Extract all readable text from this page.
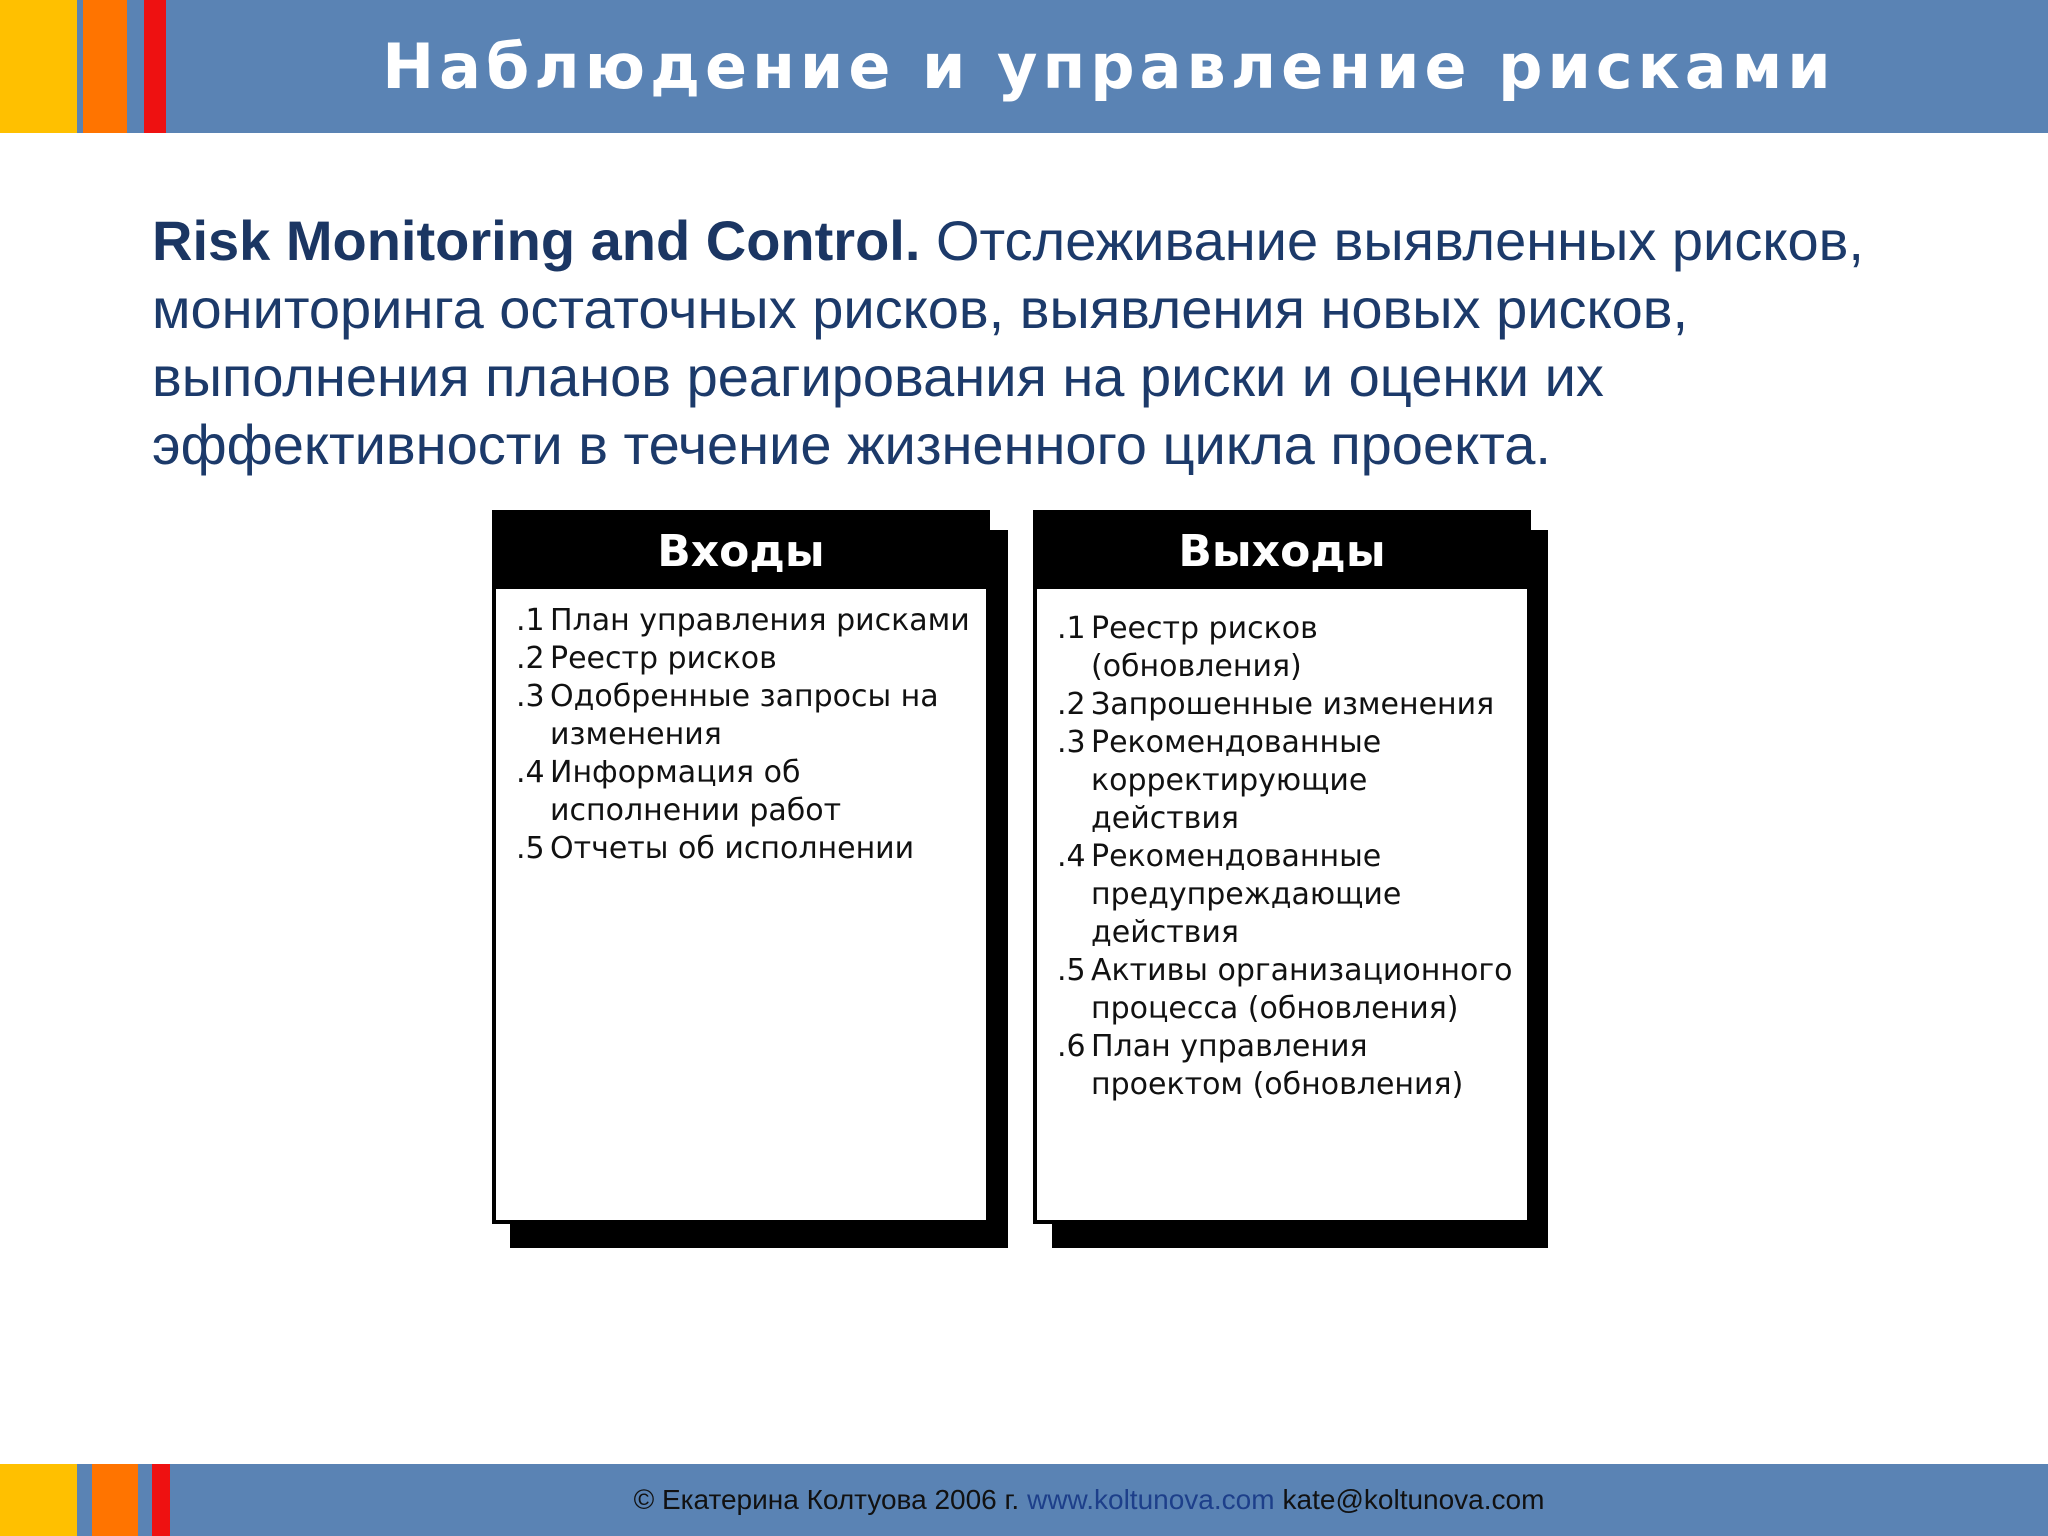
Наблюдение и управление рисками
Risk Monitoring and Control. Отслеживание выявленных рисков, мониторинга остаточных рисков, выявления новых рисков, выполнения планов реагирования на риски и оценки их эффективности в течение жизненного цикла проекта.
Входы
.1 План управления рисками
.2 Реестр рисков
.3 Одобренные запросы на изменения
.4 Информация об исполнении работ
.5 Отчеты об исполнении
Выходы
.1 Реестр рисков (обновления)
.2 Запрошенные изменения
.3 Рекомендованные корректирующие действия
.4 Рекомендованные предупреждающие действия
.5 Активы организационного процесса (обновления)
.6 План управления проектом (обновления)
© Екатерина Колтуова 2006 г. www.koltunova.com kate@koltunova.com
